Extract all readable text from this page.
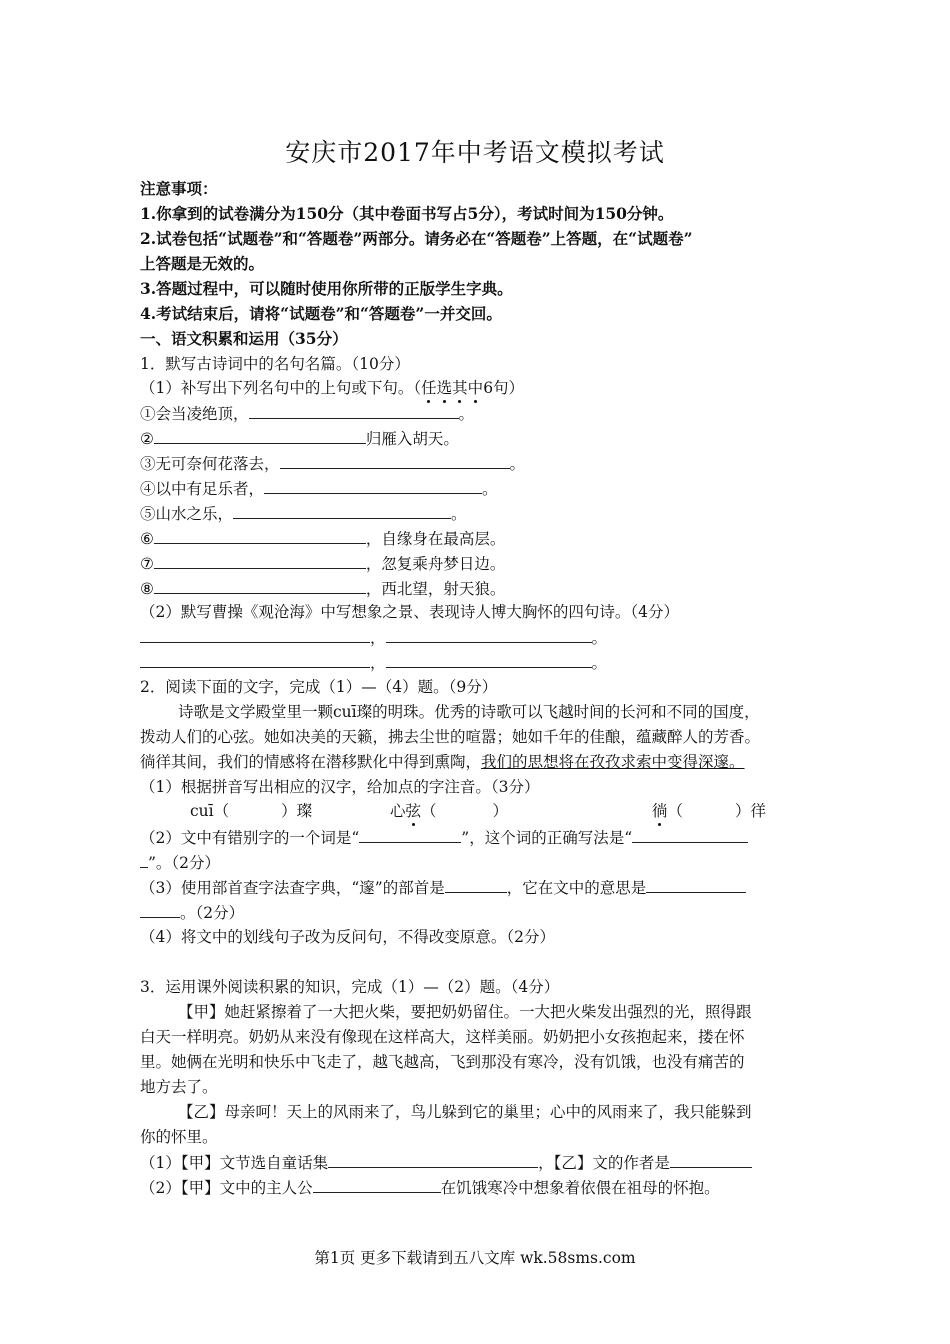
安庆市2017年中考语文模拟考试
注意事项：
1.你拿到的试卷满分为150分（其中卷面书写占5分），考试时间为150分钟。
2.试卷包括“试题卷”和“答题卷”两部分。请务必在“答题卷”上答题，在“试题卷”
上答题是无效的。
3.答题过程中，可以随时使用你所带的正版学生字典。
4.考试结束后，请将“试题卷”和“答题卷”一并交回。
一、语文积累和运用（35分）
1．默写古诗词中的名句名篇。（10分）
（1）补写出下列名句中的上句或下句。（任选其中6句）
①会当凌绝顶，	。
②	归雁入胡天。
③无可奈何花落去，	。
④以中有足乐者，	。
⑤山水之乐，	。
⑥	，自缘身在最高层。
⑦	，忽复乘舟梦日边。
⑧	，西北望，射天狼。
（2）默写曹操《观沧海》中写想象之景、表现诗人博大胸怀的四句诗。（4分）
，	。
，	。
2．阅读下面的文字，完成（1）—（4）题。（9分）
诗歌是文学殿堂里一颗cuī璨的明珠。优秀的诗歌可以飞越时间的长河和不同的国度，
拨动人们的心弦。她如决美的天籁，拂去尘世的喧嚣；她如千年的佳酿，蕴藏醉人的芳香。
徜徉其间，我们的情感将在潜移默化中得到熏陶，我们的思想将在孜孜求索中变得深邃。
（1）根据拼音写出相应的汉字，给加点的字注音。（3分）
cuī（	）璨	心弦（	）	徜（	）徉
（2）文中有错别字的一个词是“	”，这个词的正确写法是“
”。（2分）
（3）使用部首查字法查字典，“邃”的部首是	，它在文中的意思是
。（2分）
（4）将文中的划线句子改为反问句，不得改变原意。（2分）
3．运用课外阅读积累的知识，完成（1）—（2）题。（4分）
【甲】她赶紧擦着了一大把火柴，要把奶奶留住。一大把火柴发出强烈的光，照得跟
白天一样明亮。奶奶从来没有像现在这样高大，这样美丽。奶奶把小女孩抱起来，搂在怀
里。她俩在光明和快乐中飞走了，越飞越高，飞到那没有寒冷，没有饥饿，也没有痛苦的
地方去了。
【乙】母亲呵！天上的风雨来了，鸟儿躲到它的巢里；心中的风雨来了，我只能躲到
你的怀里。
（1）【甲】文节选自童话集	，【乙】文的作者是
（2）【甲】文中的主人公	在饥饿寒冷中想象着依偎在祖母的怀抱。
第1页 更多下载请到五八文库 wk.58sms.com
